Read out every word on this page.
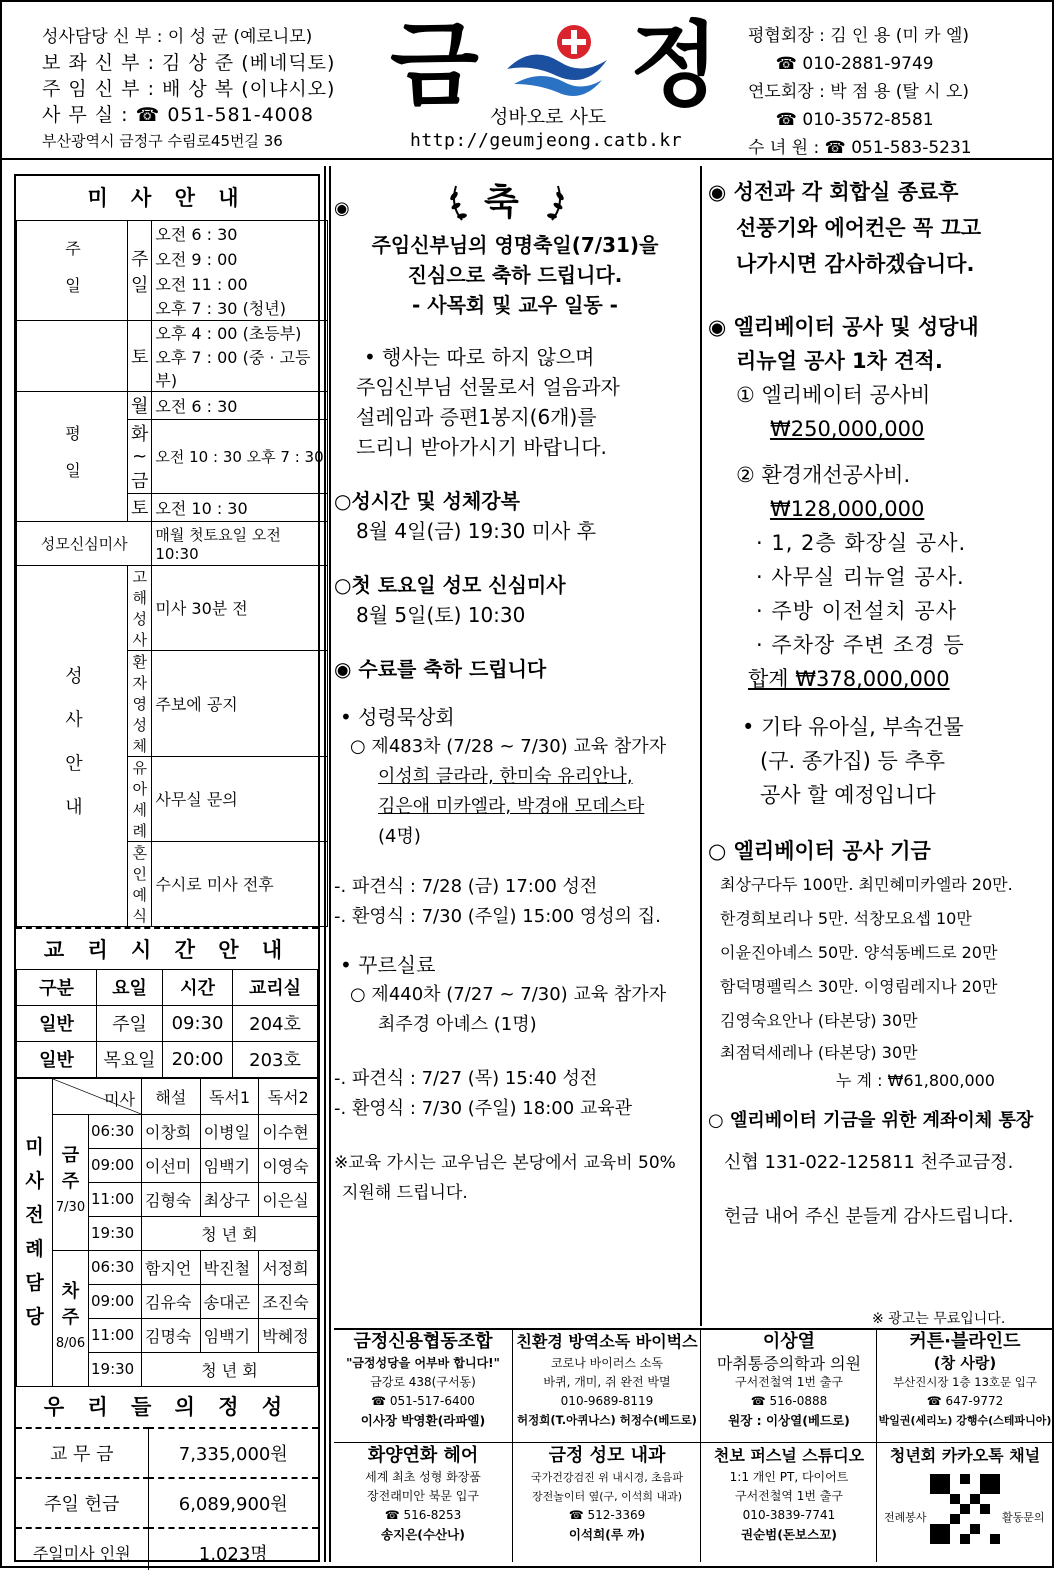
성사담당 신 부 : 이 성 균 (예로니모)
보 좌 신 부 : 김 상 준 (베네딕토)
주 임 신 부 : 배 상 복 (이냐시오)
사 무 실 : ☎ 051-581-4008
부산광역시 금정구 수림로45번길 36
금 정
성바오로 사도
http://geumjeong.catb.kr
평협회장 : 김 인 용 (미 카 엘)
☎ 010-2881-9749
연도회장 : 박 점 용 (탈 시 오)
☎ 010-3572-8581
수 녀 원 : ☎ 051-583-5231
미 사 안 내
주 일	주일	오전 6 : 30
		오전 9 : 00
		오전 11 : 00
		오후 7 : 30 (청년)
	토	오후 4 : 00 (초등부)
		오후 7 : 00 (중 · 고등부)
평 일	월	오전 6 : 30
	화 ~금	오전 10 : 30 오후 7 : 30
	토	오전 10 : 30
성모신심미사		매월 첫토요일 오전 10:30
성 사 안 내	고해성사	미사 30분 전
	환자영성체	주보에 공지
	유아세례	사무실 문의
	혼인예식	수시로 미사 전후
교 리 시 간 안 내
구분	요일	시간	교리실
일반	주일	09:30	204호
일반	목요일	20:00	203호
미 사 전 례 담 당	미사		해설	독서1	독서2

	금 주
7/30	06:30	이창희	이병일	이수현
		09:00	이선미	임백기	이영숙
		11:00	김형숙	최상구	이은실
		19:30	청 년 회		

	차 주
8/06	06:30	함지언	박진철	서정희
		09:00	김유숙	송대곤	조진숙
		11:00	김명숙	임백기	박혜정
		19:30	청 년 회		
우 리 들 의 정 성
교 무 금	7,335,000원
주일 헌금	6,089,900원
주일미사 인원	1,023명
◉	축

주임신부님의 영명축일(7/31)을

진심으로 축하 드립니다.

- 사목회 및 교우 일동 -

• 행사는 따로 하지 않으며

주임신부님 선물로서 얼음과자

설레임과 증편1봉지(6개)를

드리니 받아가시기 바랍니다.

○성시간 및 성체강복

8월 4일(금) 19:30 미사 후

○첫 토요일 성모 신심미사

8월 5일(토) 10:30

◉ 수료를 축하 드립니다

• 성령묵상회

○ 제483차 (7/28 ~ 7/30) 교육 참가자

이성희 글라라, 한미숙 유리안나,

김은애 미카엘라, 박경애 모데스타

(4명)

-. 파견식 : 7/28 (금) 17:00 성전

-. 환영식 : 7/30 (주일) 15:00 영성의 집.

• 꾸르실료

○ 제440차 (7/27 ~ 7/30) 교육 참가자

최주경 아녜스 (1명)

-. 파견식 : 7/27 (목) 15:40 성전

-. 환영식 : 7/30 (주일) 18:00 교육관

※교육 가시는 교우님은 본당에서 교육비 50%

지원해 드립니다.

◉ 성전과 각 회합실 종료후

선풍기와 에어컨은 꼭 끄고

나가시면 감사하겠습니다.

◉ 엘리베이터 공사 및 성당내

리뉴얼 공사 1차 견적.

① 엘리베이터 공사비

₩250,000,000

② 환경개선공사비.

₩128,000,000

· 1, 2층 화장실 공사.

· 사무실 리뉴얼 공사.

· 주방 이전설치 공사

· 주차장 주변 조경 등

합계 ₩378,000,000

• 기타 유아실, 부속건물

(구. 종가집) 등 추후

공사 할 예정입니다

○ 엘리베이터 공사 기금

최상구다두 100만. 최민혜미카엘라 20만.

한경희보리나 5만. 석창모요셉 10만

이윤진아녜스 50만. 양석동베드로 20만

함덕명펠릭스 30만. 이영림레지나 20만

김영숙요안나 (타본당) 30만

최점덕세레나 (타본당) 30만

누 계 : ₩61,800,000

○ 엘리베이터 기금을 위한 계좌이체 통장

신협 131-022-125811 천주교금정.

헌금 내어 주신 분들게 감사드립니다.

※ 광고는 무료입니다.
금정신용협동조합
"금정성당을 어부바 합니다!"
금강로 438(구서동)
☎ 051-517-6400
이사장 박영환(라파엘)
친환경 방역소독 바이벅스
코로나 바이러스 소독
바퀴, 개미, 쥐 완전 박멸
010-9689-8119
허정희(T.아퀴나스) 허정수(베드로)
이상열
마취통증의학과 의원
구서전철역 1번 출구
☎ 516-0888
원장 : 이상열(베드로)
커튼·블라인드
(창 사랑)
부산진시장 1층 13호문 입구
☎ 647-9772
박일권(세리노) 강행수(스테파니아)
화양연화 헤어
세계 최초 성형 화장품
장전래미안 북문 입구
☎ 516-8253
송지은(수산나)
금정 성모 내과
국가건강검진 위 내시경, 초음파
장전놀이터 옆(구, 이석희 내과)
☎ 512-3369
이석희(루 까)
천보 퍼스널 스튜디오
1:1 개인 PT, 다이어트
구서전철역 1번 출구
010-3839-7741
권순범(돈보스꼬)
청년회 카카오톡 채널
전례봉사	활동문의
